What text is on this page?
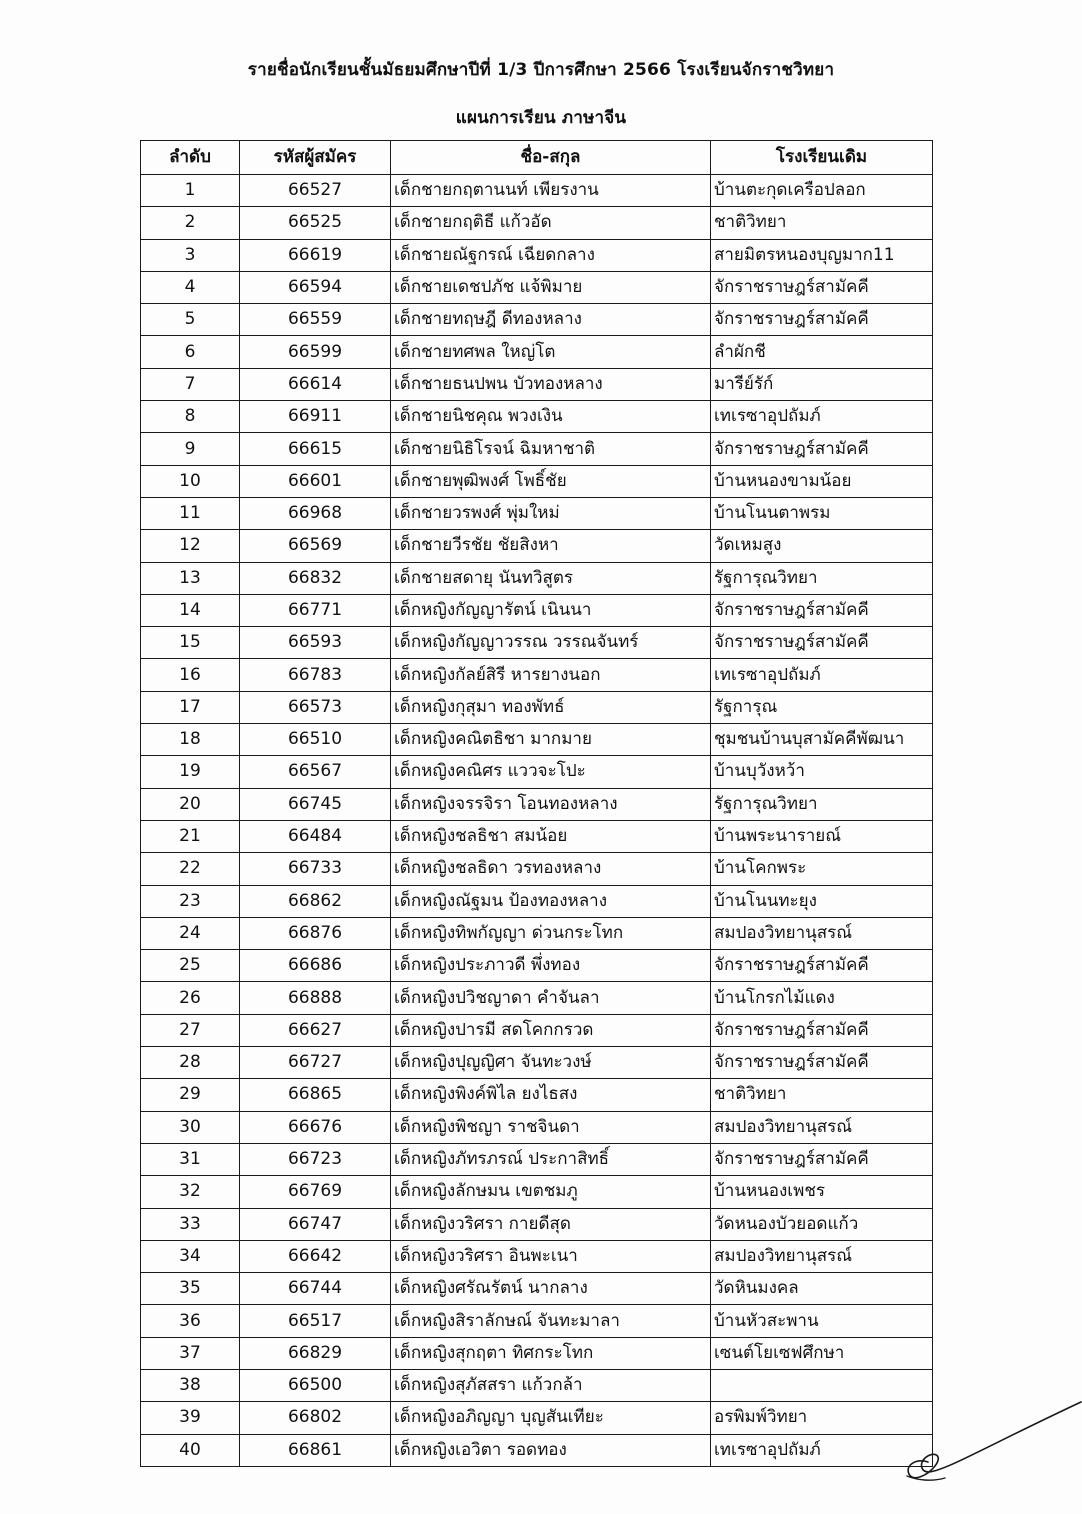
รายชื่อนักเรียนชั้นมัธยมศึกษาปีที่ 1/3 ปีการศึกษา 2566 โรงเรียนจักราชวิทยา
แผนการเรียน ภาษาจีน
ลำดับ	รหัสผู้สมัคร	ชื่อ-สกุล	โรงเรียนเดิม
1	66527	เด็กชายกฤตานนท์ เพียรงาน	บ้านตะกุดเครือปลอก
2	66525	เด็กชายกฤติธี แก้วอัด	ชาติวิทยา
3	66619	เด็กชายณัฐกรณ์ เฉียดกลาง	สายมิตรหนองบุญมาก11
4	66594	เด็กชายเดชปภัช แจ้พิมาย	จักราชราษฎร์สามัคคี
5	66559	เด็กชายทฤษฎี ดีทองหลาง	จักราชราษฎร์สามัคคี
6	66599	เด็กชายทศพล ใหญ่โต	ลำผักชี
7	66614	เด็กชายธนปพน บัวทองหลาง	มารีย์รัก์
8	66911	เด็กชายนิชคุณ พวงเงิน	เทเรซาอุปถัมภ์
9	66615	เด็กชายนิธิโรจน์ ฉิมหาชาติ	จักราชราษฎร์สามัคคี
10	66601	เด็กชายพุฒิพงศ์ โพธิ์ชัย	บ้านหนองขามน้อย
11	66968	เด็กชายวรพงศ์ พุ่มใหม่	บ้านโนนตาพรม
12	66569	เด็กชายวีรชัย ชัยสิงหา	วัดเหมสูง
13	66832	เด็กชายสดายุ นันทวิสูตร	รัฐการุณวิทยา
14	66771	เด็กหญิงกัญญารัตน์ เนินนา	จักราชราษฎร์สามัคคี
15	66593	เด็กหญิงกัญญาวรรณ วรรณจันทร์	จักราชราษฎร์สามัคคี
16	66783	เด็กหญิงกัลย์สิรี หารยางนอก	เทเรซาอุปถัมภ์
17	66573	เด็กหญิงกุสุมา ทองพัทธ์	รัฐการุณ
18	66510	เด็กหญิงคณิตธิชา มากมาย	ชุมชนบ้านบุสามัคคีพัฒนา
19	66567	เด็กหญิงคณิศร แววจะโปะ	บ้านบุวังหว้า
20	66745	เด็กหญิงจรรจิรา โอนทองหลาง	รัฐการุณวิทยา
21	66484	เด็กหญิงชลธิชา สมน้อย	บ้านพระนารายณ์
22	66733	เด็กหญิงชลธิดา วรทองหลาง	บ้านโคกพระ
23	66862	เด็กหญิงณัฐมน ป้องทองหลาง	บ้านโนนทะยุง
24	66876	เด็กหญิงทิพกัญญา ด่วนกระโทก	สมปองวิทยานุสรณ์
25	66686	เด็กหญิงประภาวดี พึ่งทอง	จักราชราษฎร์สามัคคี
26	66888	เด็กหญิงปวิชญาดา คำจันลา	บ้านโกรกไม้แดง
27	66627	เด็กหญิงปารมี สดโคกกรวด	จักราชราษฎร์สามัคคี
28	66727	เด็กหญิงปุญญิศา จันทะวงษ์	จักราชราษฎร์สามัคคี
29	66865	เด็กหญิงพิงค์พิไล ยงไธสง	ชาติวิทยา
30	66676	เด็กหญิงพิชญา ราชจินดา	สมปองวิทยานุสรณ์
31	66723	เด็กหญิงภัทรภรณ์ ประกาสิทธิ์	จักราชราษฎร์สามัคคี
32	66769	เด็กหญิงลักษมน เขตชมภู	บ้านหนองเพชร
33	66747	เด็กหญิงวริศรา กายดีสุด	วัดหนองบัวยอดแก้ว
34	66642	เด็กหญิงวริศรา อินพะเนา	สมปองวิทยานุสรณ์
35	66744	เด็กหญิงศรัณรัตน์ นากลาง	วัดหินมงคล
36	66517	เด็กหญิงสิราลักษณ์ จันทะมาลา	บ้านหัวสะพาน
37	66829	เด็กหญิงสุกฤตา ทิศกระโทก	เซนต์โยเซฟศึกษา
38	66500	เด็กหญิงสุภัสสรา แก้วกล้า	
39	66802	เด็กหญิงอภิญญา บุญสันเทียะ	อรพิมพ์วิทยา
40	66861	เด็กหญิงเอวิตา รอดทอง	เทเรซาอุปถัมภ์
